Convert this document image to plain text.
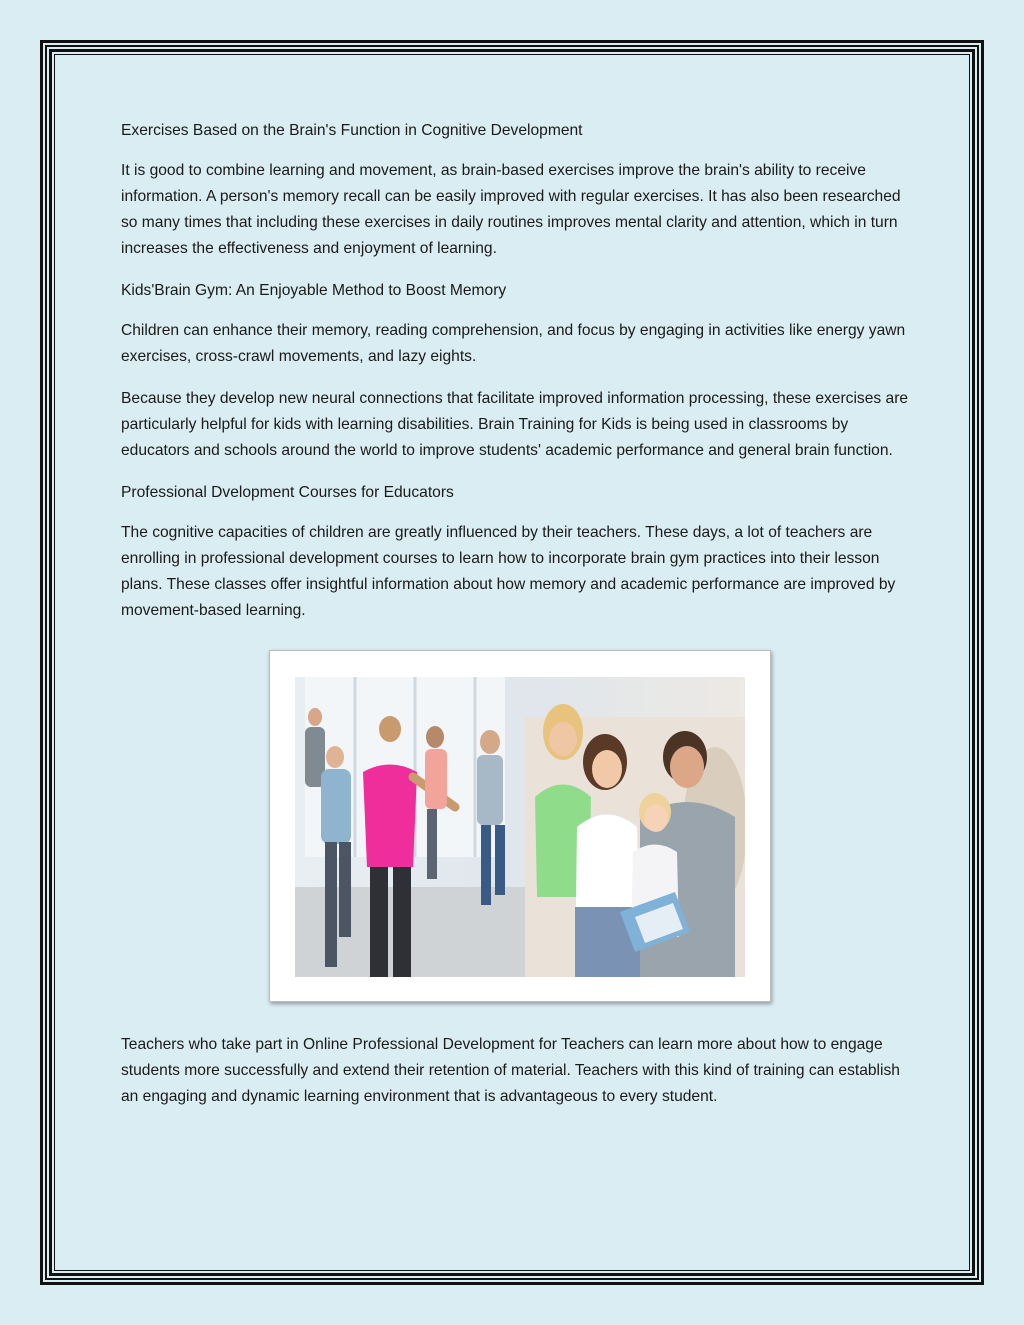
Exercises Based on the Brain's Function in Cognitive Development

It is good to combine learning and movement, as brain-based exercises improve the brain's ability to receive information. A person's memory recall can be easily improved with regular exercises. It has also been researched so many times that including these exercises in daily routines improves mental clarity and attention, which in turn increases the effectiveness and enjoyment of learning.

Kids'Brain Gym: An Enjoyable Method to Boost Memory

Children can enhance their memory, reading comprehension, and focus by engaging in activities like energy yawn exercises, cross-crawl movements, and lazy eights.

Because they develop new neural connections that facilitate improved information processing, these exercises are particularly helpful for kids with learning disabilities. Brain Training for Kids is being used in classrooms by educators and schools around the world to improve students' academic performance and general brain function.

Professional Dvelopment Courses for Educators

The cognitive capacities of children are greatly influenced by their teachers. These days, a lot of teachers are enrolling in professional development courses to learn how to incorporate brain gym practices into their lesson plans. These classes offer insightful information about how memory and academic performance are improved by movement-based learning.

Teachers who take part in Online Professional Development for Teachers can learn more about how to engage students more successfully and extend their retention of material. Teachers with this kind of training can establish an engaging and dynamic learning environment that is advantageous to every student.
